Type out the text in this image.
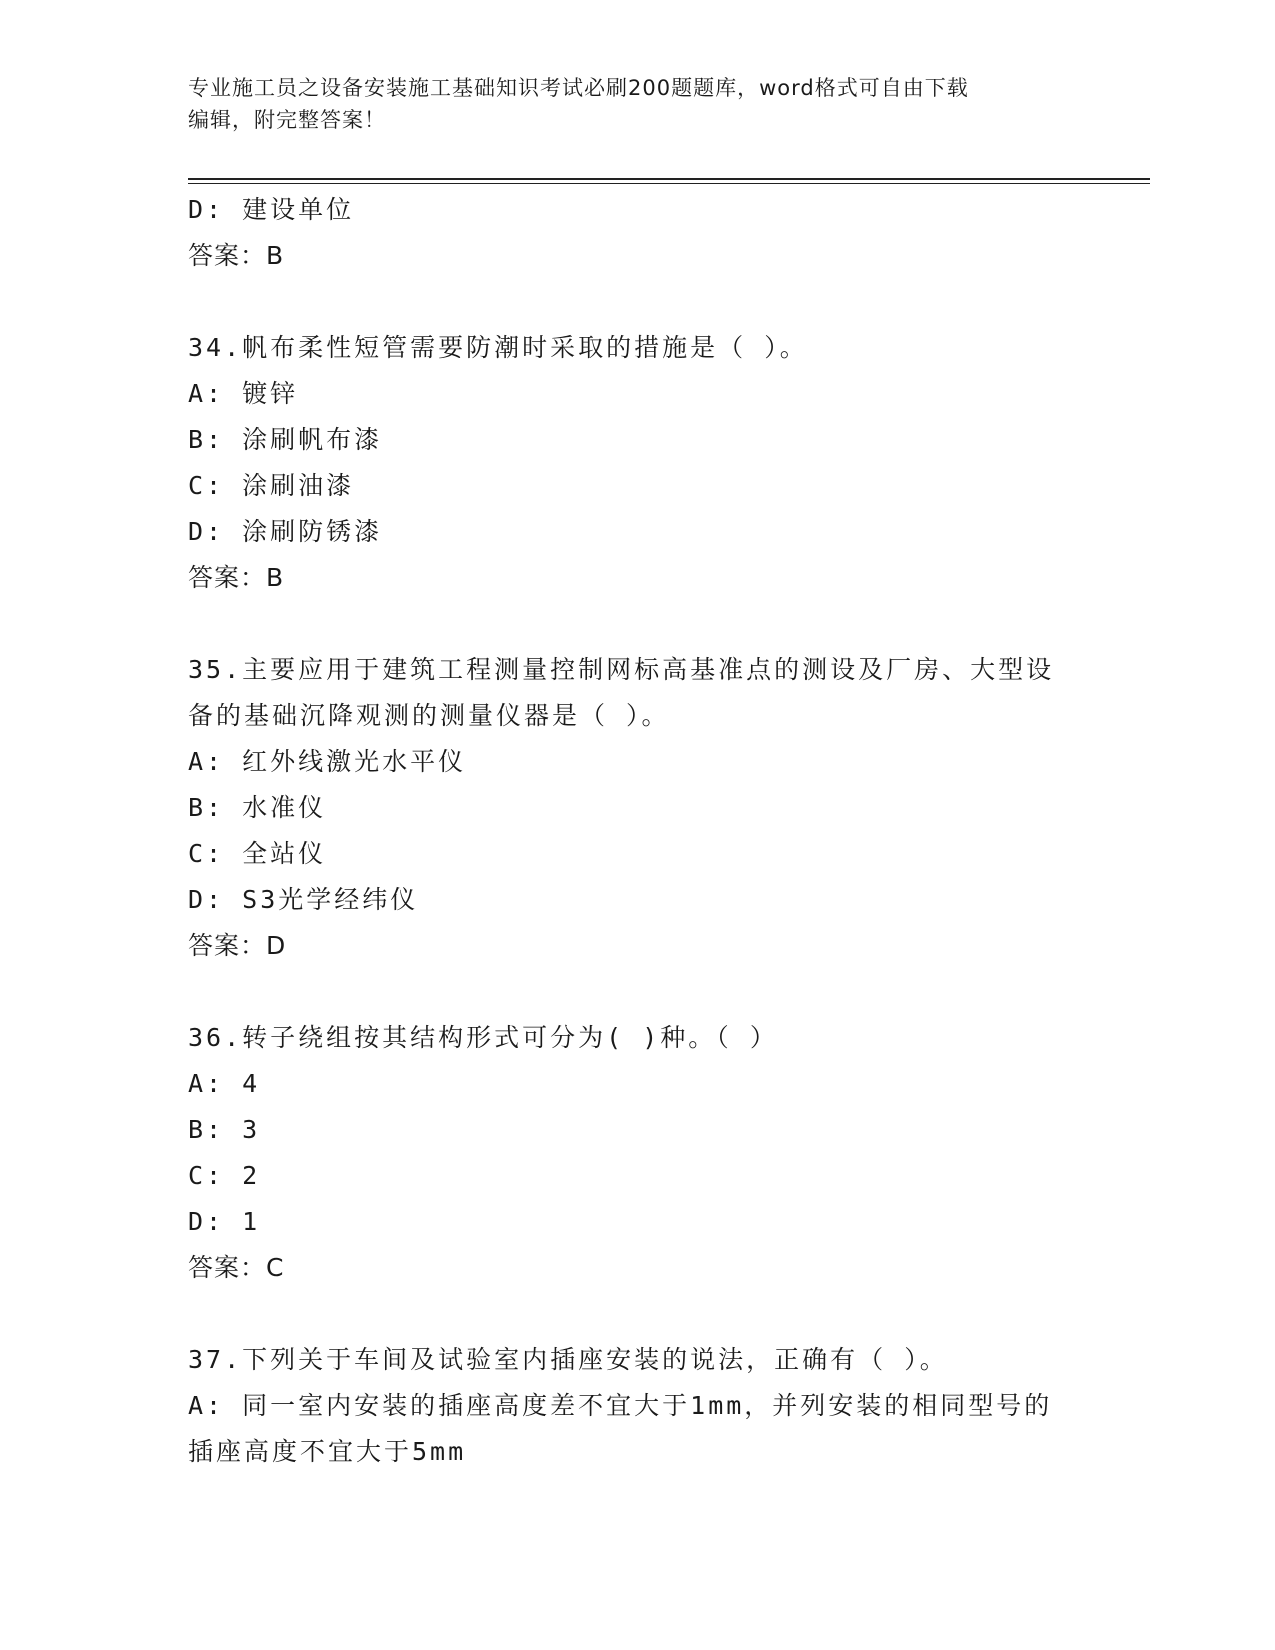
专业施工员之设备安装施工基础知识考试必刷200题题库，word格式可自由下载
编辑，附完整答案！
D: 建设单位
答案：B
34.帆布柔性短管需要防潮时采取的措施是（ ）。
A: 镀锌
B: 涂刷帆布漆
C: 涂刷油漆
D: 涂刷防锈漆
答案：B
35.主要应用于建筑工程测量控制网标高基准点的测设及厂房、大型设
备的基础沉降观测的测量仪器是（ ）。
A: 红外线激光水平仪
B: 水准仪
C: 全站仪
D: S3光学经纬仪
答案：D
36.转子绕组按其结构形式可分为( )种。（ ）
A: 4
B: 3
C: 2
D: 1
答案：C
37.下列关于车间及试验室内插座安装的说法，正确有（ ）。
A: 同一室内安装的插座高度差不宜大于1mm，并列安装的相同型号的
插座高度不宜大于5mm
